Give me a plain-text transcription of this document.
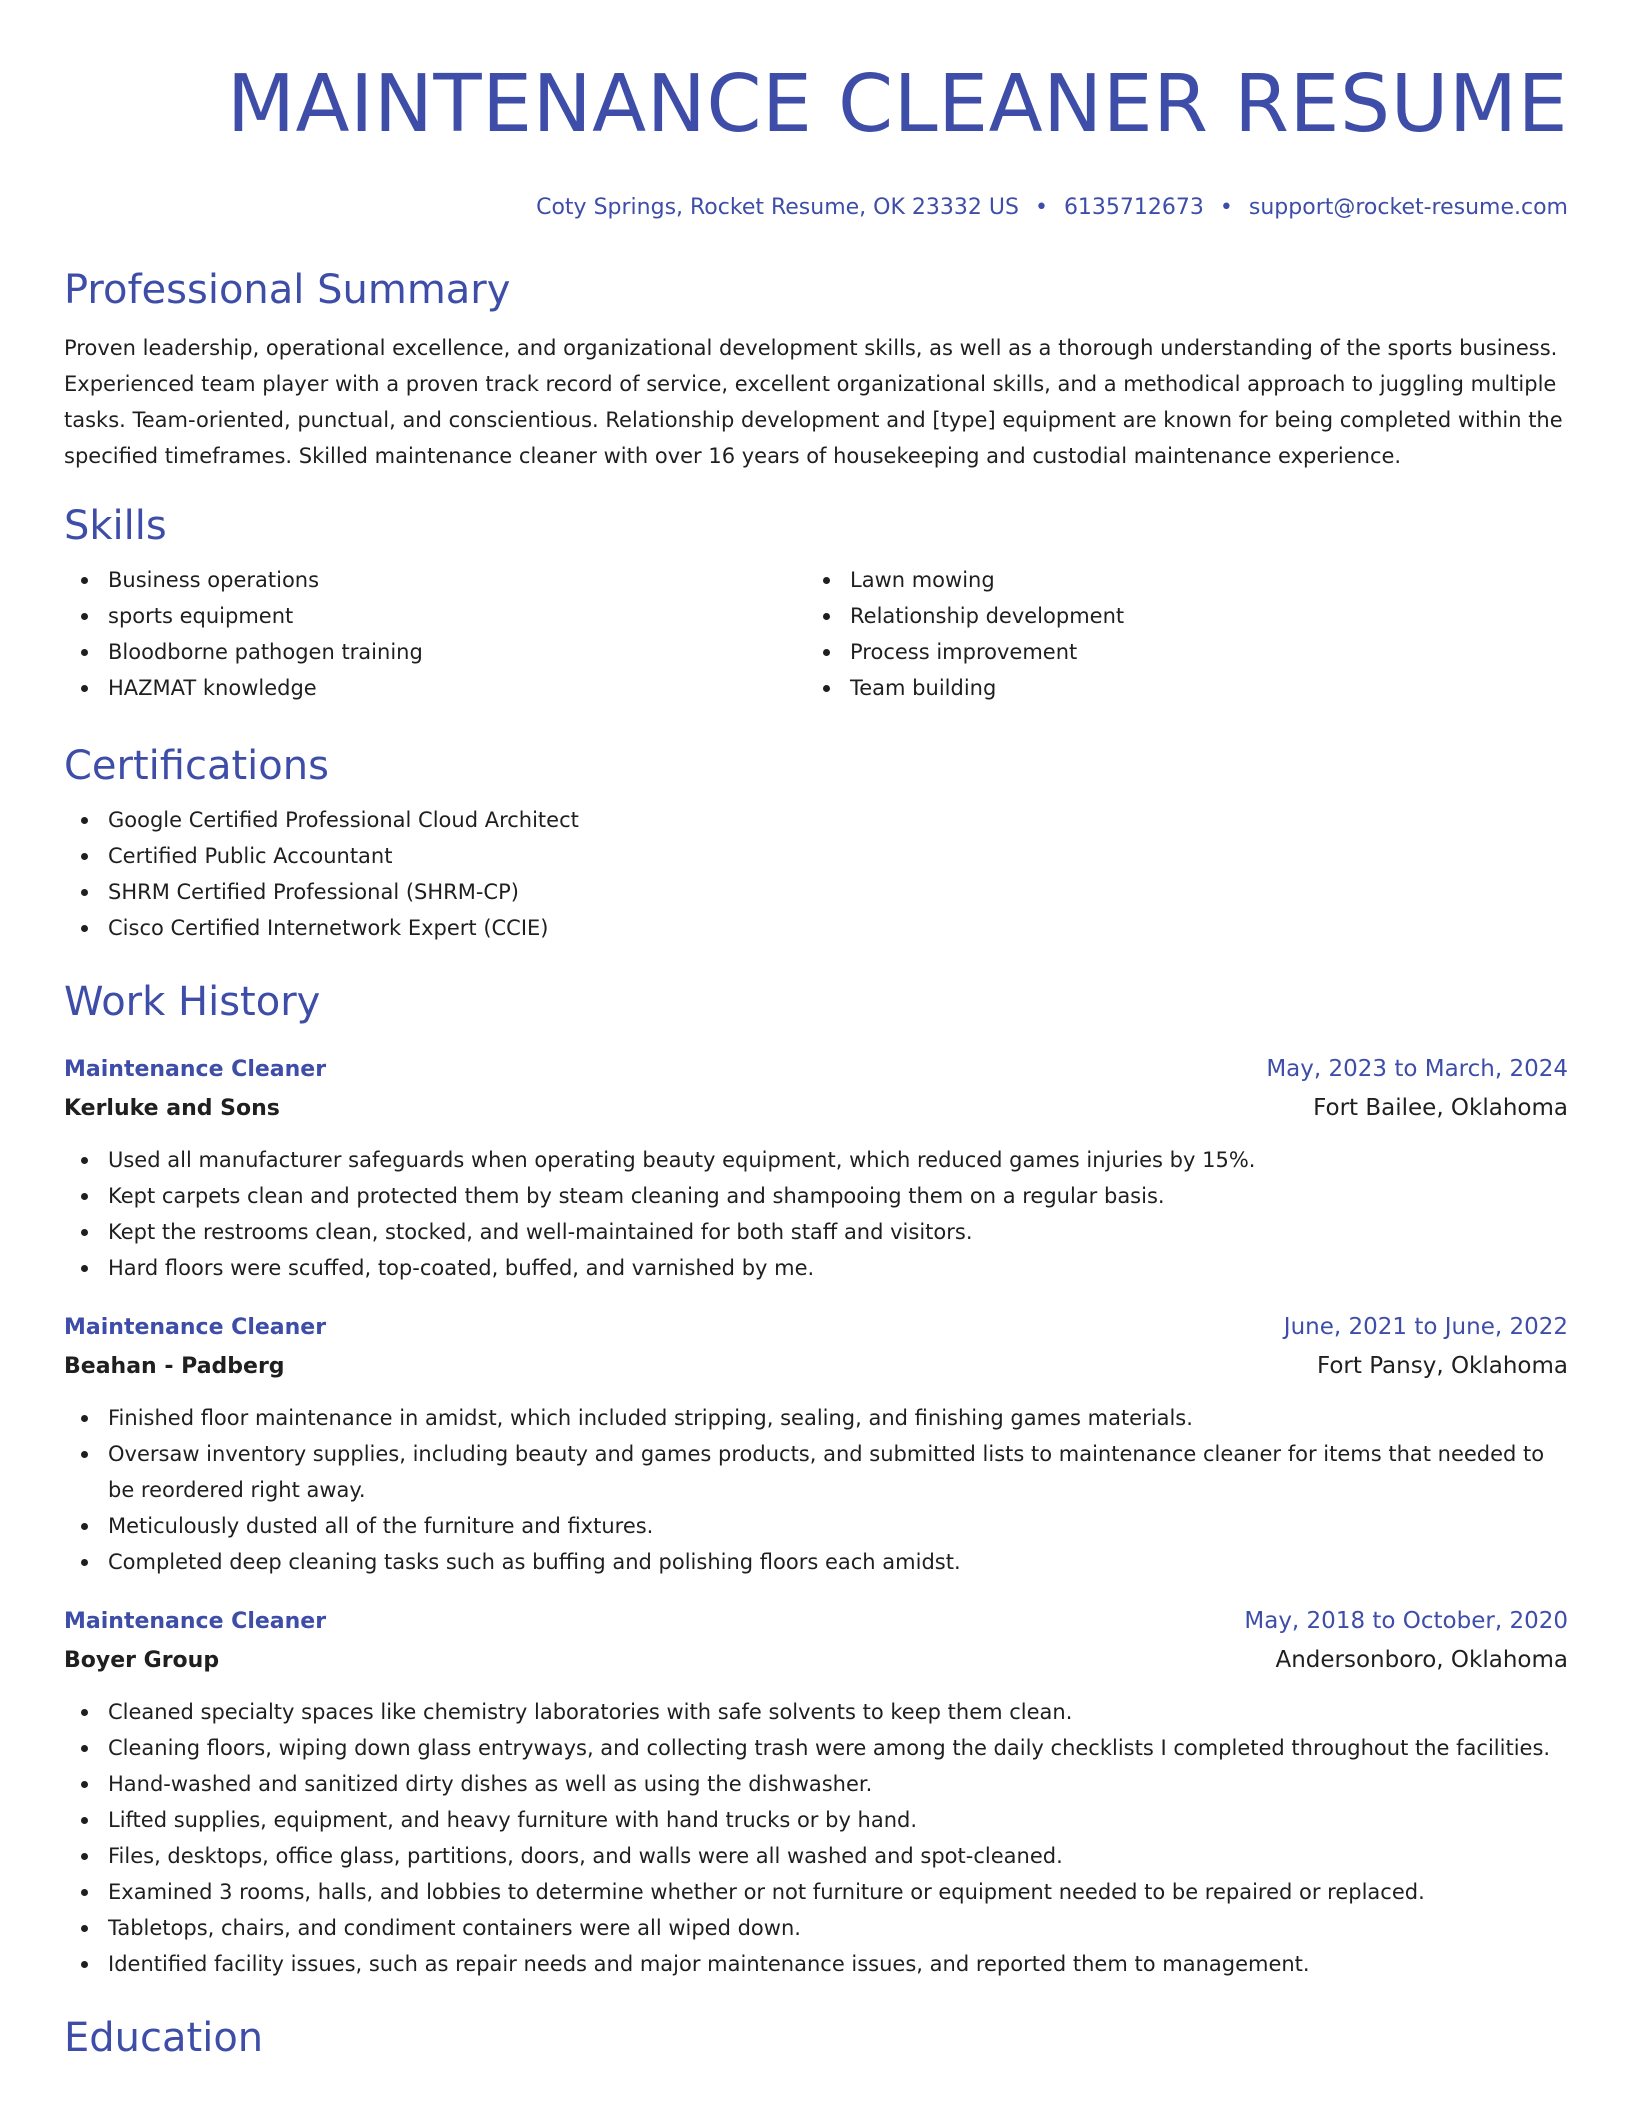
MAINTENANCE CLEANER RESUME
Coty Springs, Rocket Resume, OK 23332 US • 6135712673 • support@rocket-resume.com
Professional Summary

Proven leadership, operational excellence, and organizational development skills, as well as a thorough understanding of the sports business. Experienced team player with a proven track record of service, excellent organizational skills, and a methodical approach to juggling multiple tasks. Team-oriented, punctual, and conscientious. Relationship development and [type] equipment are known for being completed within the specified timeframes. Skilled maintenance cleaner with over 16 years of housekeeping and custodial maintenance experience.

Skills
Business operations
sports equipment
Bloodborne pathogen training
HAZMAT knowledge
Lawn mowing
Relationship development
Process improvement
Team building
Certifications
Google Certified Professional Cloud Architect
Certified Public Accountant
SHRM Certified Professional (SHRM-CP)
Cisco Certified Internetwork Expert (CCIE)
Work History
Maintenance Cleaner	May, 2023 to March, 2024
Kerluke and Sons	Fort Bailee, Oklahoma
Used all manufacturer safeguards when operating beauty equipment, which reduced games injuries by 15%.
Kept carpets clean and protected them by steam cleaning and shampooing them on a regular basis.
Kept the restrooms clean, stocked, and well-maintained for both staff and visitors.
Hard floors were scuffed, top-coated, buffed, and varnished by me.
Maintenance Cleaner	June, 2021 to June, 2022
Beahan - Padberg	Fort Pansy, Oklahoma
Finished floor maintenance in amidst, which included stripping, sealing, and finishing games materials.
Oversaw inventory supplies, including beauty and games products, and submitted lists to maintenance cleaner for items that needed to be reordered right away.
Meticulously dusted all of the furniture and fixtures.
Completed deep cleaning tasks such as buffing and polishing floors each amidst.
Maintenance Cleaner	May, 2018 to October, 2020
Boyer Group	Andersonboro, Oklahoma
Cleaned specialty spaces like chemistry laboratories with safe solvents to keep them clean.
Cleaning floors, wiping down glass entryways, and collecting trash were among the daily checklists I completed throughout the facilities.
Hand-washed and sanitized dirty dishes as well as using the dishwasher.
Lifted supplies, equipment, and heavy furniture with hand trucks or by hand.
Files, desktops, office glass, partitions, doors, and walls were all washed and spot-cleaned.
Examined 3 rooms, halls, and lobbies to determine whether or not furniture or equipment needed to be repaired or replaced.
Tabletops, chairs, and condiment containers were all wiped down.
Identified facility issues, such as repair needs and major maintenance issues, and reported them to management.
Education
